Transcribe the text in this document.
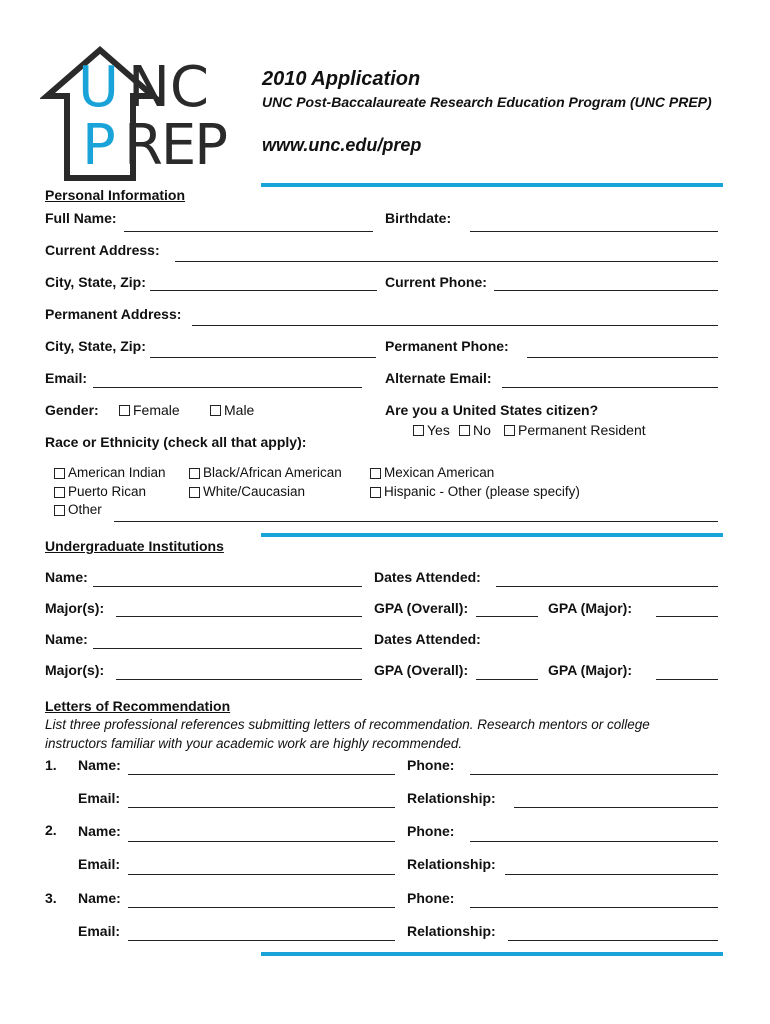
U NC
P REP
2010 Application
UNC Post-Baccalaureate Research Education Program (UNC PREP)
www.unc.edu/prep
Personal Information
Full Name:	Birthdate:
Current Address:
City, State, Zip:	Current Phone:
Permanent Address:
City, State, Zip:	Permanent Phone:
Email:	Alternate Email:
Gender: Female	Male	Are you a United States citizen?
Yes No Permanent Resident
Race or Ethnicity (check all that apply):
American Indian	Black/African American	Mexican American
Puerto Rican	White/Caucasian	Hispanic - Other (please specify)
Other
Undergraduate Institutions
Name:	Dates Attended:
Major(s):	GPA (Overall):	GPA (Major):
Name:	Dates Attended:
Major(s):	GPA (Overall):	GPA (Major):
Letters of Recommendation
List three professional references submitting letters of recommendation. Research mentors or college
instructors familiar with your academic work are highly recommended.
1. Name:	Phone:
Email:	Relationship:
2. Name:	Phone:
Email:	Relationship:
3. Name:	Phone:
Email:	Relationship:
